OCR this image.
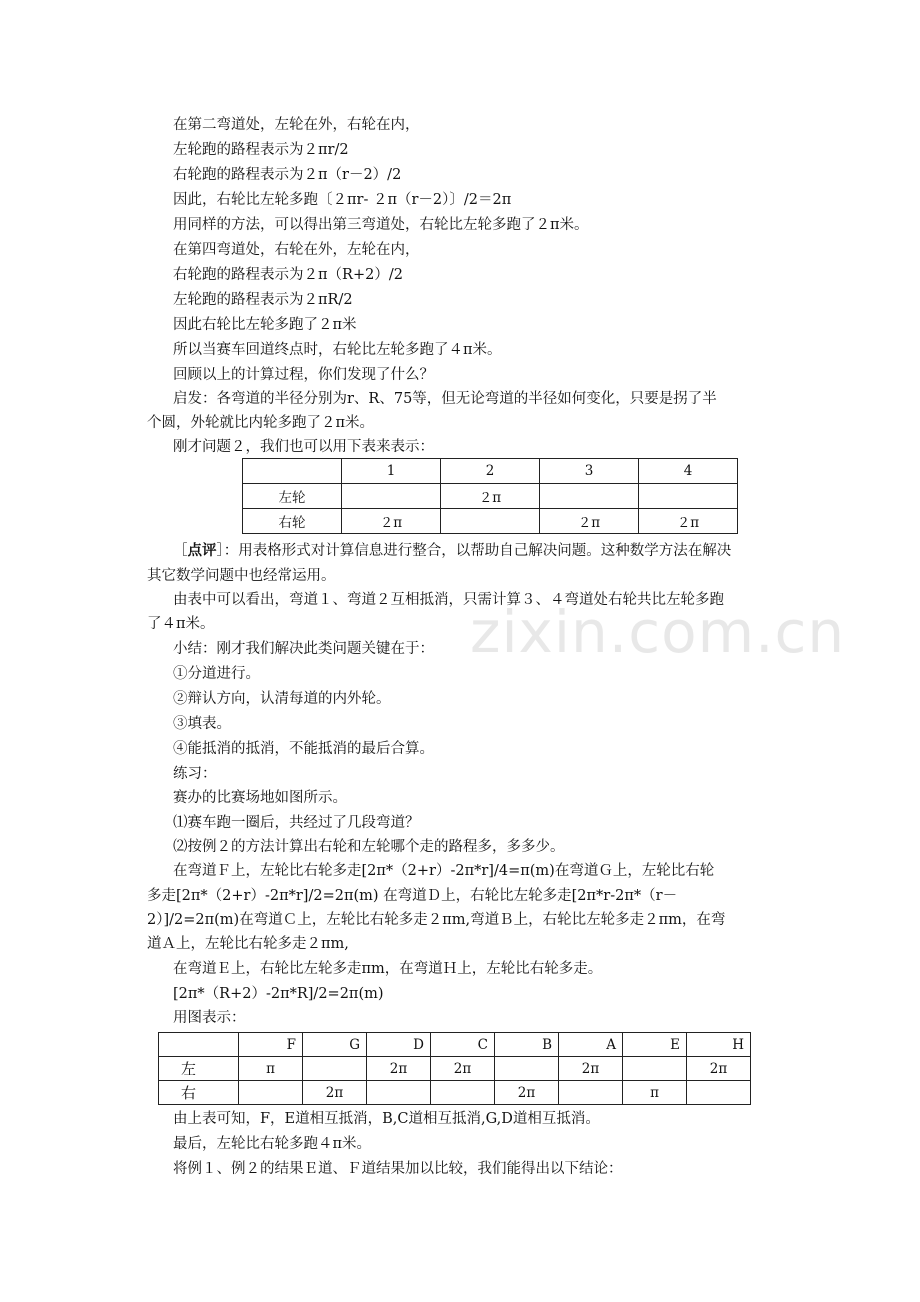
在第二弯道处，左轮在外，右轮在内，
左轮跑的路程表示为２πr/2
右轮跑的路程表示为２π（r－2）/2
因此，右轮比左轮多跑〔２πr- ２π（r－2）〕/2＝2π
用同样的方法，可以得出第三弯道处，右轮比左轮多跑了２π米。
在第四弯道处，右轮在外，左轮在内，
右轮跑的路程表示为２π（R+2）/2
左轮跑的路程表示为２πR/2
因此右轮比左轮多跑了２π米
所以当赛车回道终点时，右轮比左轮多跑了４π米。
回顾以上的计算过程，你们发现了什么？
启发：各弯道的半径分别为r、R、75等，但无论弯道的半径如何变化，只要是拐了半
个圆，外轮就比内轮多跑了２π米。
刚才问题２，我们也可以用下表来表示：
	1	2	3	4
左轮		２π		
右轮	２π		２π	２π
［点评］：用表格形式对计算信息进行整合，以帮助自己解决问题。这种数学方法在解决
其它数学问题中也经常运用。
由表中可以看出，弯道１、弯道２互相抵消，只需计算３、４弯道处右轮共比左轮多跑
了４π米。
小结：刚才我们解决此类问题关键在于：
①分道进行。
②辩认方向，认清每道的内外轮。
③填表。
④能抵消的抵消，不能抵消的最后合算。
练习：
赛办的比赛场地如图所示。
⑴赛车跑一圈后，共经过了几段弯道？
⑵按例２的方法计算出右轮和左轮哪个走的路程多，多多少。
在弯道Ｆ上，左轮比右轮多走[2π*（2+r）-2π*r]/4=π(m)在弯道Ｇ上，左轮比右轮
多走[2π*（2+r）-2π*r]/2=2π(m) 在弯道Ｄ上，右轮比左轮多走[2π*r-2π*（r－
2）]/2=2π(m)在弯道Ｃ上，左轮比右轮多走２πm,弯道Ｂ上，右轮比左轮多走２πm，在弯
道Ａ上，左轮比右轮多走２πm,
在弯道Ｅ上，右轮比左轮多走πm，在弯道Ｈ上，左轮比右轮多走。
[2π*（R+2）-2π*R]/2=2π(m)
用图表示：
	F	G	D	C	B	A	E	H
左	π		2π	2π		2π		2π
右		2π			2π		π	
由上表可知，F，E道相互抵消，B,C道相互抵消,G,D道相互抵消。
最后，左轮比右轮多跑４π米。
将例１、例２的结果Ｅ道、Ｆ道结果加以比较，我们能得出以下结论：
zixin.com.cn
